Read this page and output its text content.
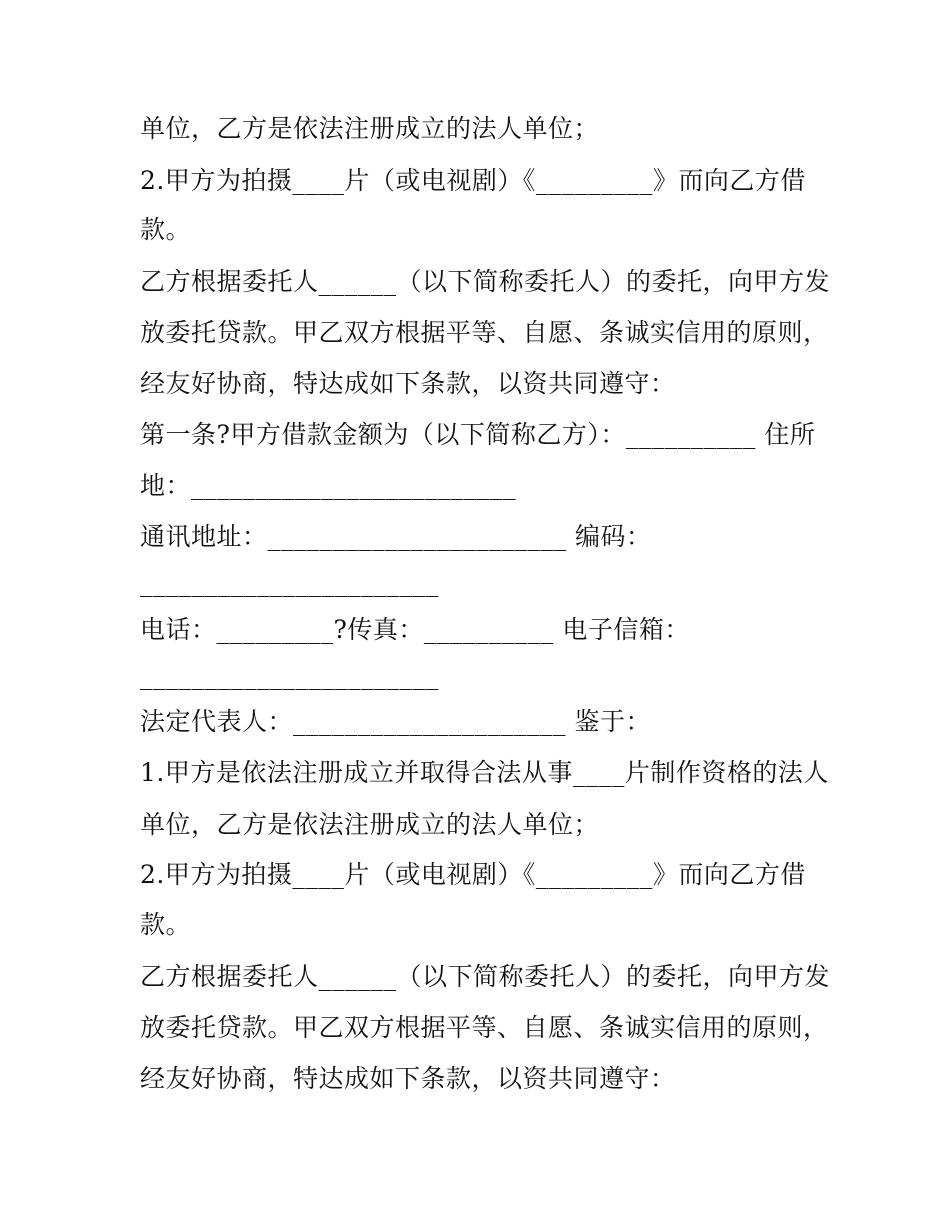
单位，乙方是依法注册成立的法人单位；
2.甲方为拍摄____片（或电视剧）《_________》而向乙方借
款。
乙方根据委托人______（以下简称委托人）的委托，向甲方发
放委托贷款。甲乙双方根据平等、自愿、条诚实信用的原则，
经友好协商，特达成如下条款，以资共同遵守：
第一条?甲方借款金额为（以下简称乙方）：__________ 住所
地：_________________________
通讯地址：_______________________ 编码：
_______________________
电话：_________?传真：__________ 电子信箱：
_______________________
法定代表人：_____________________ 鉴于：
1.甲方是依法注册成立并取得合法从事____片制作资格的法人
单位，乙方是依法注册成立的法人单位；
2.甲方为拍摄____片（或电视剧）《_________》而向乙方借
款。
乙方根据委托人______（以下简称委托人）的委托，向甲方发
放委托贷款。甲乙双方根据平等、自愿、条诚实信用的原则，
经友好协商，特达成如下条款，以资共同遵守：
